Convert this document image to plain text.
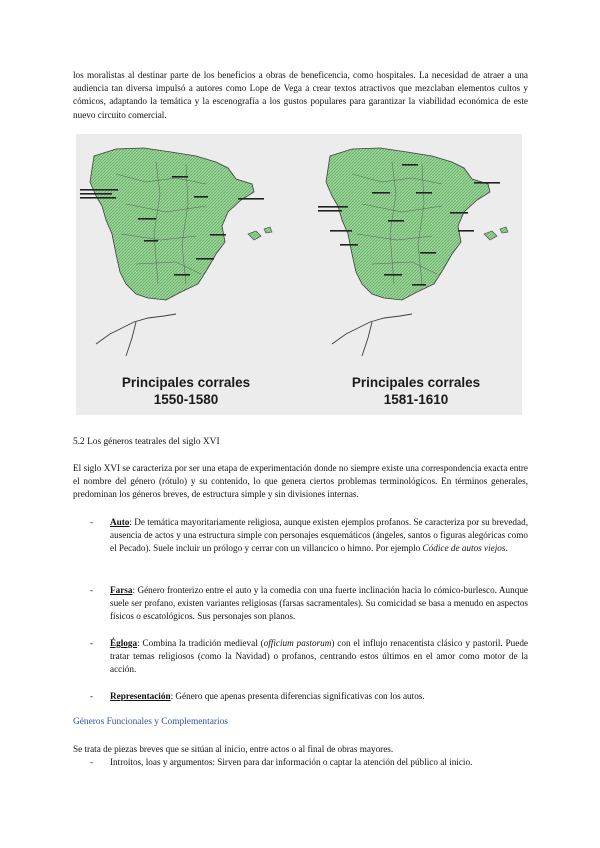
los moralistas al destinar parte de los beneficios a obras de beneficencia, como hospitales. La necesidad de atraer a una audiencia tan diversa impulsó a autores como Lope de Vega a crear textos atractivos que mezclaban elementos cultos y cómicos, adaptando la temática y la escenografía a los gustos populares para garantizar la viabilidad económica de este nuevo circuito comercial.

Principales corrales
1550-1580
Principales corrales
1581-1610
5.2 Los géneros teatrales del siglo XVI

El siglo XVI se caracteriza por ser una etapa de experimentación donde no siempre existe una correspondencia exacta entre el nombre del género (rótulo) y su contenido, lo que genera ciertos problemas terminológicos. En términos generales, predominan los géneros breves, de estructura simple y sin divisiones internas.

- Auto: De temática mayoritariamente religiosa, aunque existen ejemplos profanos. Se caracteriza por su brevedad, ausencia de actos y una estructura simple con personajes esquemáticos (ángeles, santos o figuras alegóricas como el Pecado). Suele incluir un prólogo y cerrar con un villancico o himno. Por ejemplo Códice de autos viejos.

- Farsa: Género fronterizo entre el auto y la comedia con una fuerte inclinación hacia lo cómico-burlesco. Aunque suele ser profano, existen variantes religiosas (farsas sacramentales). Su comicidad se basa a menudo en aspectos físicos o escatológicos. Sus personajes son planos.

- Égloga: Combina la tradición medieval (officium pastorum) con el influjo renacentista clásico y pastoril. Puede tratar temas religiosos (como la Navidad) o profanos, centrando estos últimos en el amor como motor de la acción.

- Representación: Género que apenas presenta diferencias significativas con los autos.

Géneros Funcionales y Complementarios

Se trata de piezas breves que se sitúan al inicio, entre actos o al final de obras mayores.

- Introitos, loas y argumentos: Sirven para dar información o captar la atención del público al inicio.
